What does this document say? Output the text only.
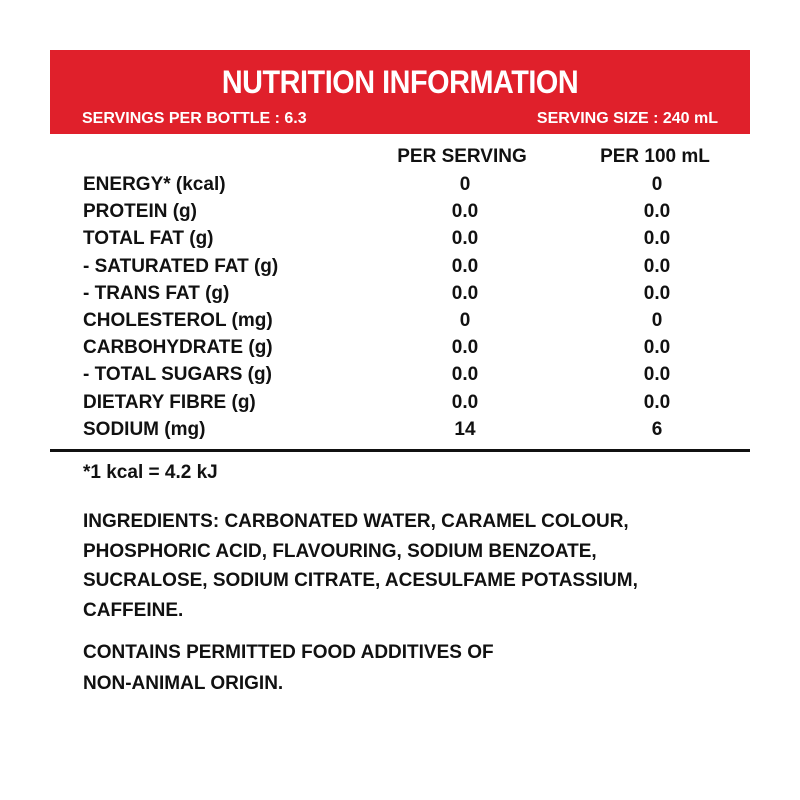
NUTRITION INFORMATION
SERVINGS PER BOTTLE : 6.3	SERVING SIZE : 240 mL
PER SERVING	PER 100 mL
ENERGY* (kcal)	0	0
PROTEIN (g)	0.0	0.0
TOTAL FAT (g)	0.0	0.0
- SATURATED FAT (g)	0.0	0.0
- TRANS FAT (g)	0.0	0.0
CHOLESTEROL (mg)	0	0
CARBOHYDRATE (g)	0.0	0.0
- TOTAL SUGARS (g)	0.0	0.0
DIETARY FIBRE (g)	0.0	0.0
SODIUM (mg)	14	6
*1 kcal = 4.2 kJ
INGREDIENTS: CARBONATED WATER, CARAMEL COLOUR,
PHOSPHORIC ACID, FLAVOURING, SODIUM BENZOATE,
SUCRALOSE, SODIUM CITRATE, ACESULFAME POTASSIUM,
CAFFEINE.
CONTAINS PERMITTED FOOD ADDITIVES OF
NON-ANIMAL ORIGIN.
